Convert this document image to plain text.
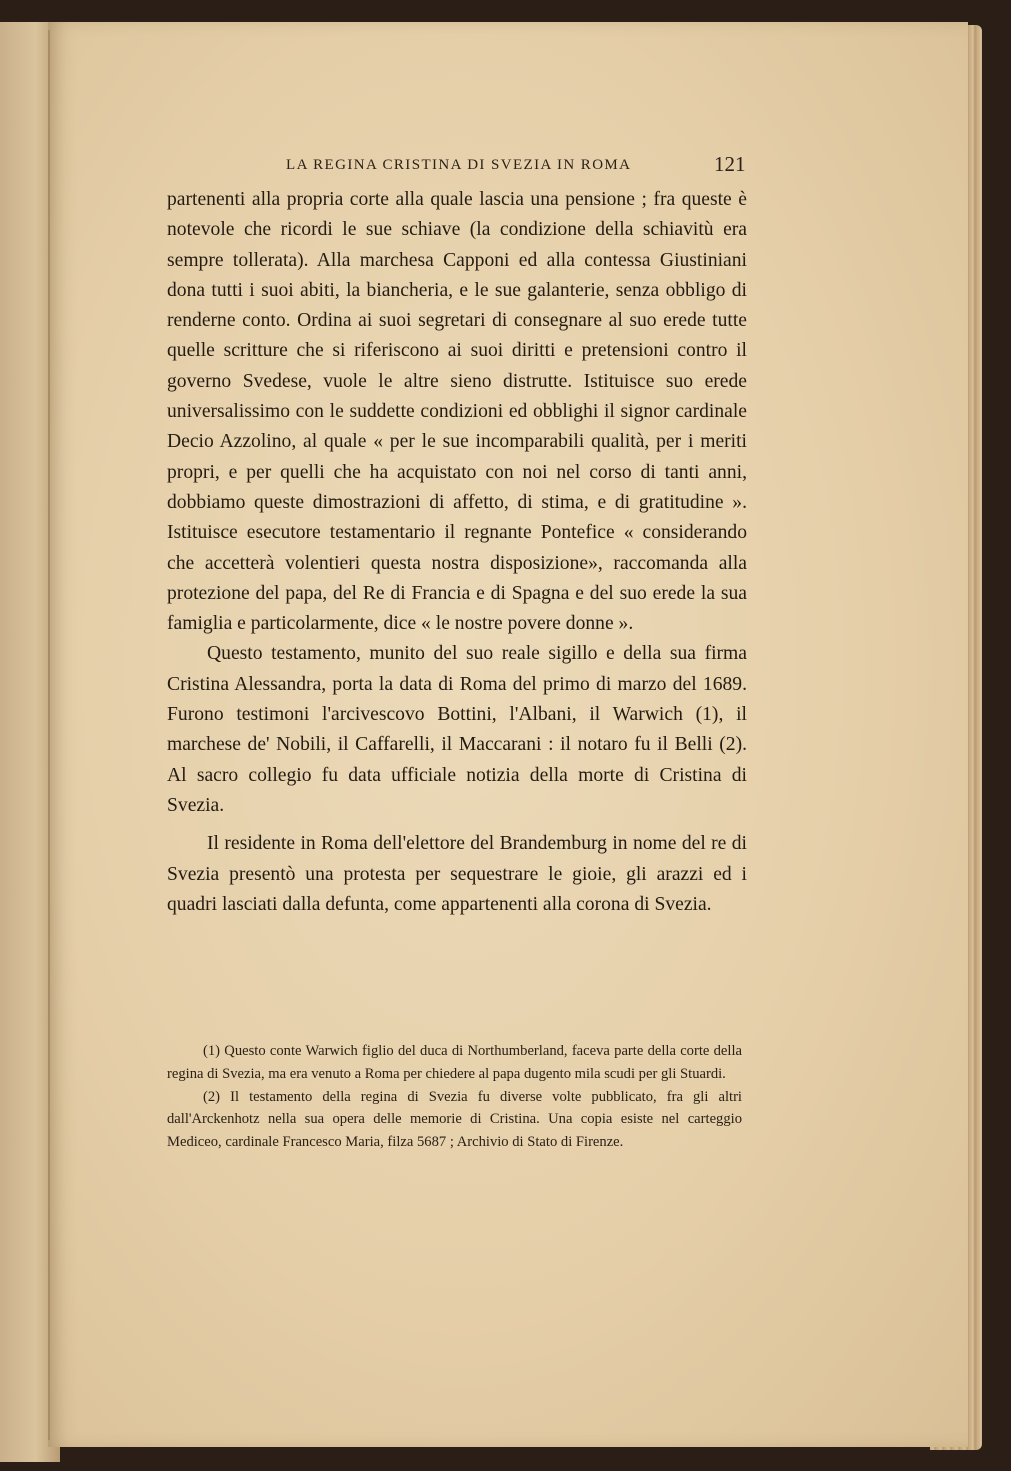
LA REGINA CRISTINA DI SVEZIA IN ROMA	121

partenenti alla propria corte alla quale lascia una pensione ; fra queste è notevole che ricordi le sue schiave (la condizione della schiavitù era sempre tollerata). Alla marchesa Capponi ed alla contessa Giustiniani dona tutti i suoi abiti, la biancheria, e le sue galanterie, senza obbligo di renderne conto. Ordina ai suoi segretari di consegnare al suo erede tutte quelle scritture che si riferiscono ai suoi diritti e pretensioni contro il governo Svedese, vuole le altre sieno distrutte. Istituisce suo erede universalissimo con le suddette condizioni ed obblighi il signor cardinale Decio Azzolino, al quale « per le sue incomparabili qualità, per i meriti propri, e per quelli che ha acquistato con noi nel corso di tanti anni, dobbiamo queste dimostrazioni di affetto, di stima, e di gratitudine ». Istituisce esecutore testamentario il regnante Pontefice « considerando che accetterà volentieri questa nostra disposizione», raccomanda alla protezione del papa, del Re di Francia e di Spagna e del suo erede la sua famiglia e particolarmente, dice « le nostre povere donne ».

Questo testamento, munito del suo reale sigillo e della sua firma Cristina Alessandra, porta la data di Roma del primo di marzo del 1689. Furono testimoni l'arcivescovo Bottini, l'Albani, il Warwich (1), il marchese de' Nobili, il Caffarelli, il Maccarani : il notaro fu il Belli (2). Al sacro collegio fu data ufficiale notizia della morte di Cristina di Svezia.

Il residente in Roma dell'elettore del Brandemburg in nome del re di Svezia presentò una protesta per sequestrare le gioie, gli arazzi ed i quadri lasciati dalla defunta, come appartenenti alla corona di Svezia.

(1) Questo conte Warwich figlio del duca di Northumberland, faceva parte della corte della regina di Svezia, ma era venuto a Roma per chiedere al papa dugento mila scudi per gli Stuardi.

(2) Il testamento della regina di Svezia fu diverse volte pubblicato, fra gli altri dall'Arckenhotz nella sua opera delle memorie di Cristina. Una copia esiste nel carteggio Mediceo, cardinale Francesco Maria, filza 5687 ; Archivio di Stato di Firenze.
